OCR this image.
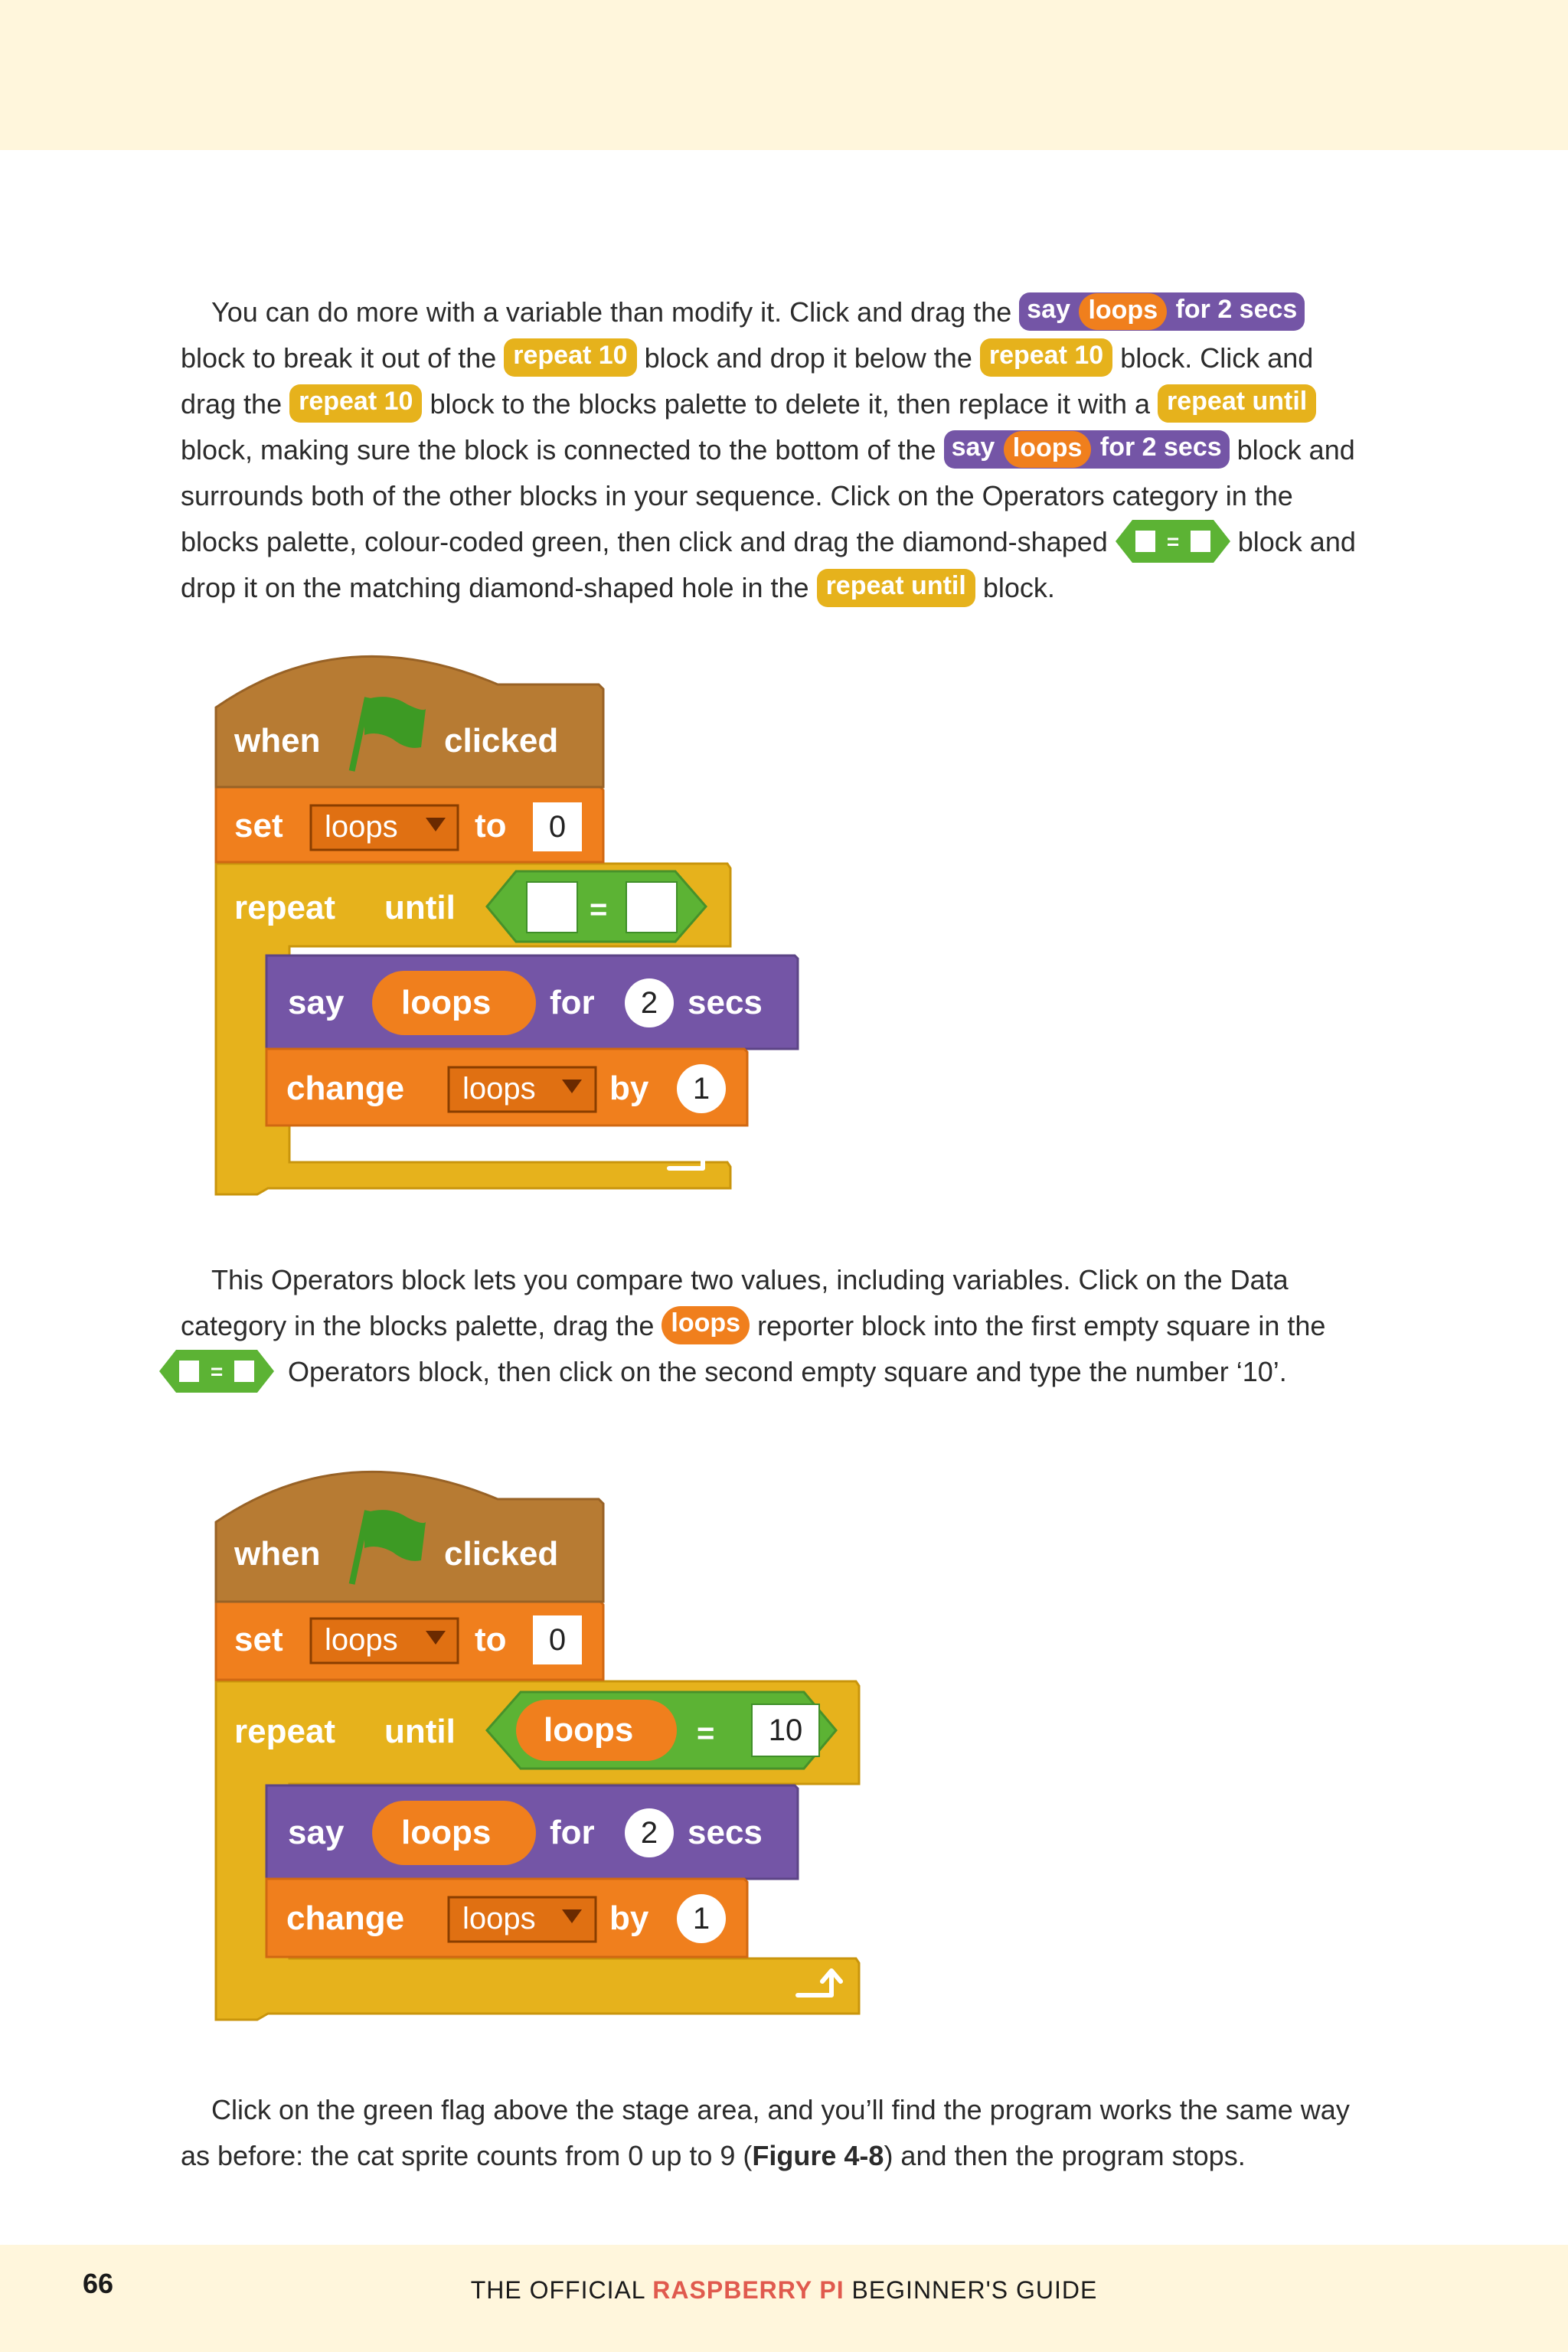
You can do more with a variable than modify it. Click and drag the say loops for 2 secs block to break it out of the repeat 10 block and drop it below the repeat 10 block. Click and drag the repeat 10 block to the blocks palette to delete it, then replace it with a repeat until block, making sure the block is connected to the bottom of the say loops for 2 secs block and surrounds both of the other blocks in your sequence. Click on the Operators category in the blocks palette, colour-coded green, then click and drag the diamond-shaped = block and drop it on the matching diamond-shaped hole in the repeat until block.
when	clicked
set loops to	0
repeat until	=
say loops for	2 secs
change loops by	1
This Operators block lets you compare two values, including variables. Click on the Data category in the blocks palette, drag the loops reporter block into the first empty square in the

= Operators block, then click on the second empty square and type the number ‘10’.
when	clicked
set loops to	0
repeat until	loops =	10
say loops for	2 secs
change loops by	1
Click on the green flag above the stage area, and you’ll find the program works the same way as before: the cat sprite counts from 0 up to 9 (Figure 4-8) and then the program stops.
66	THE OFFICIAL RASPBERRY PI BEGINNER'S GUIDE
